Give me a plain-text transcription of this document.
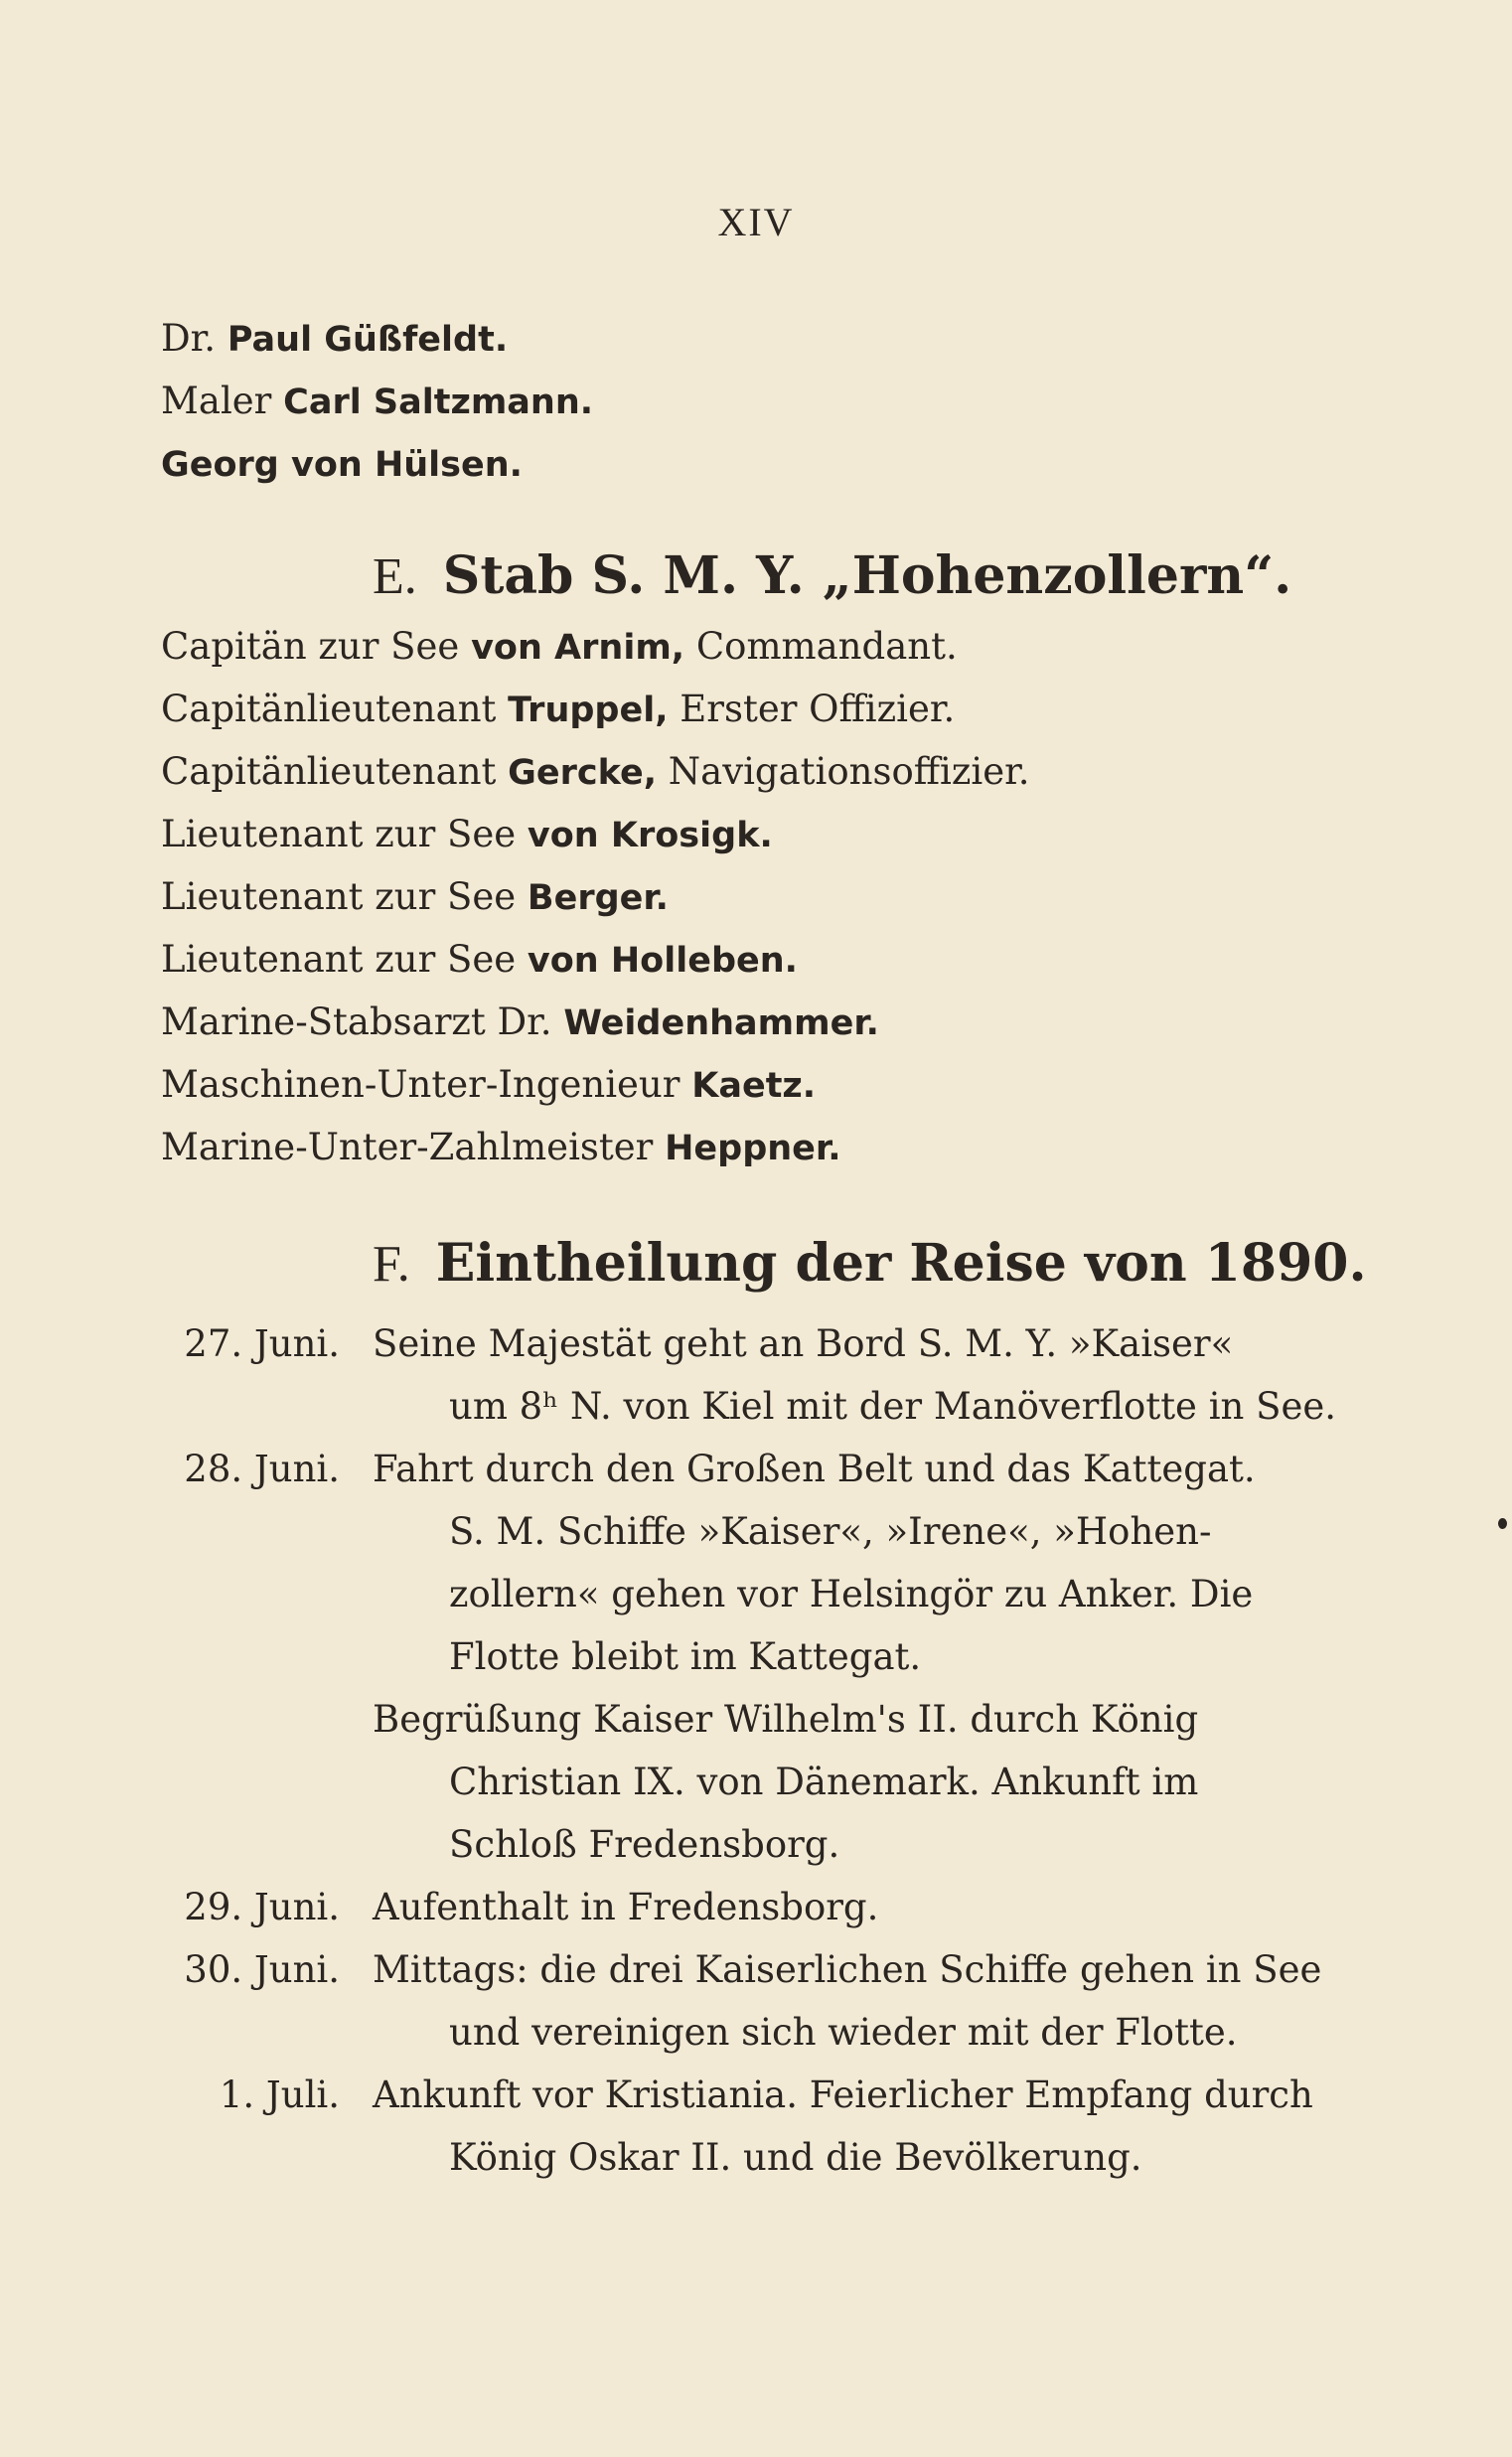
XIV
Dr. Paul Güßfeldt.
Maler Carl Saltzmann.
Georg von Hülsen.
E. Stab S. M. Y. „Hohenzollern“.
Capitän zur See von Arnim, Commandant.
Capitänlieutenant Truppel, Erster Offizier.
Capitänlieutenant Gercke, Navigationsoffizier.
Lieutenant zur See von Krosigk.
Lieutenant zur See Berger.
Lieutenant zur See von Holleben.
Marine-Stabsarzt Dr. Weidenhammer.
Maschinen-Unter-Ingenieur Kaetz.
Marine-Unter-Zahlmeister Heppner.
F. Eintheilung der Reise von 1890.
27. Juni. Seine Majestät geht an Bord S. M. Y. »Kaiser«
um 8ʰ N. von Kiel mit der Manöverflotte in See.
28. Juni. Fahrt durch den Großen Belt und das Kattegat.
S. M. Schiffe »Kaiser«, »Irene«, »Hohen-
zollern« gehen vor Helsingör zu Anker. Die
Flotte bleibt im Kattegat.
Begrüßung Kaiser Wilhelm's II. durch König
Christian IX. von Dänemark. Ankunft im
Schloß Fredensborg.
29. Juni. Aufenthalt in Fredensborg.
30. Juni. Mittags: die drei Kaiserlichen Schiffe gehen in See
und vereinigen sich wieder mit der Flotte.
1. Juli. Ankunft vor Kristiania. Feierlicher Empfang durch
König Oskar II. und die Bevölkerung.
